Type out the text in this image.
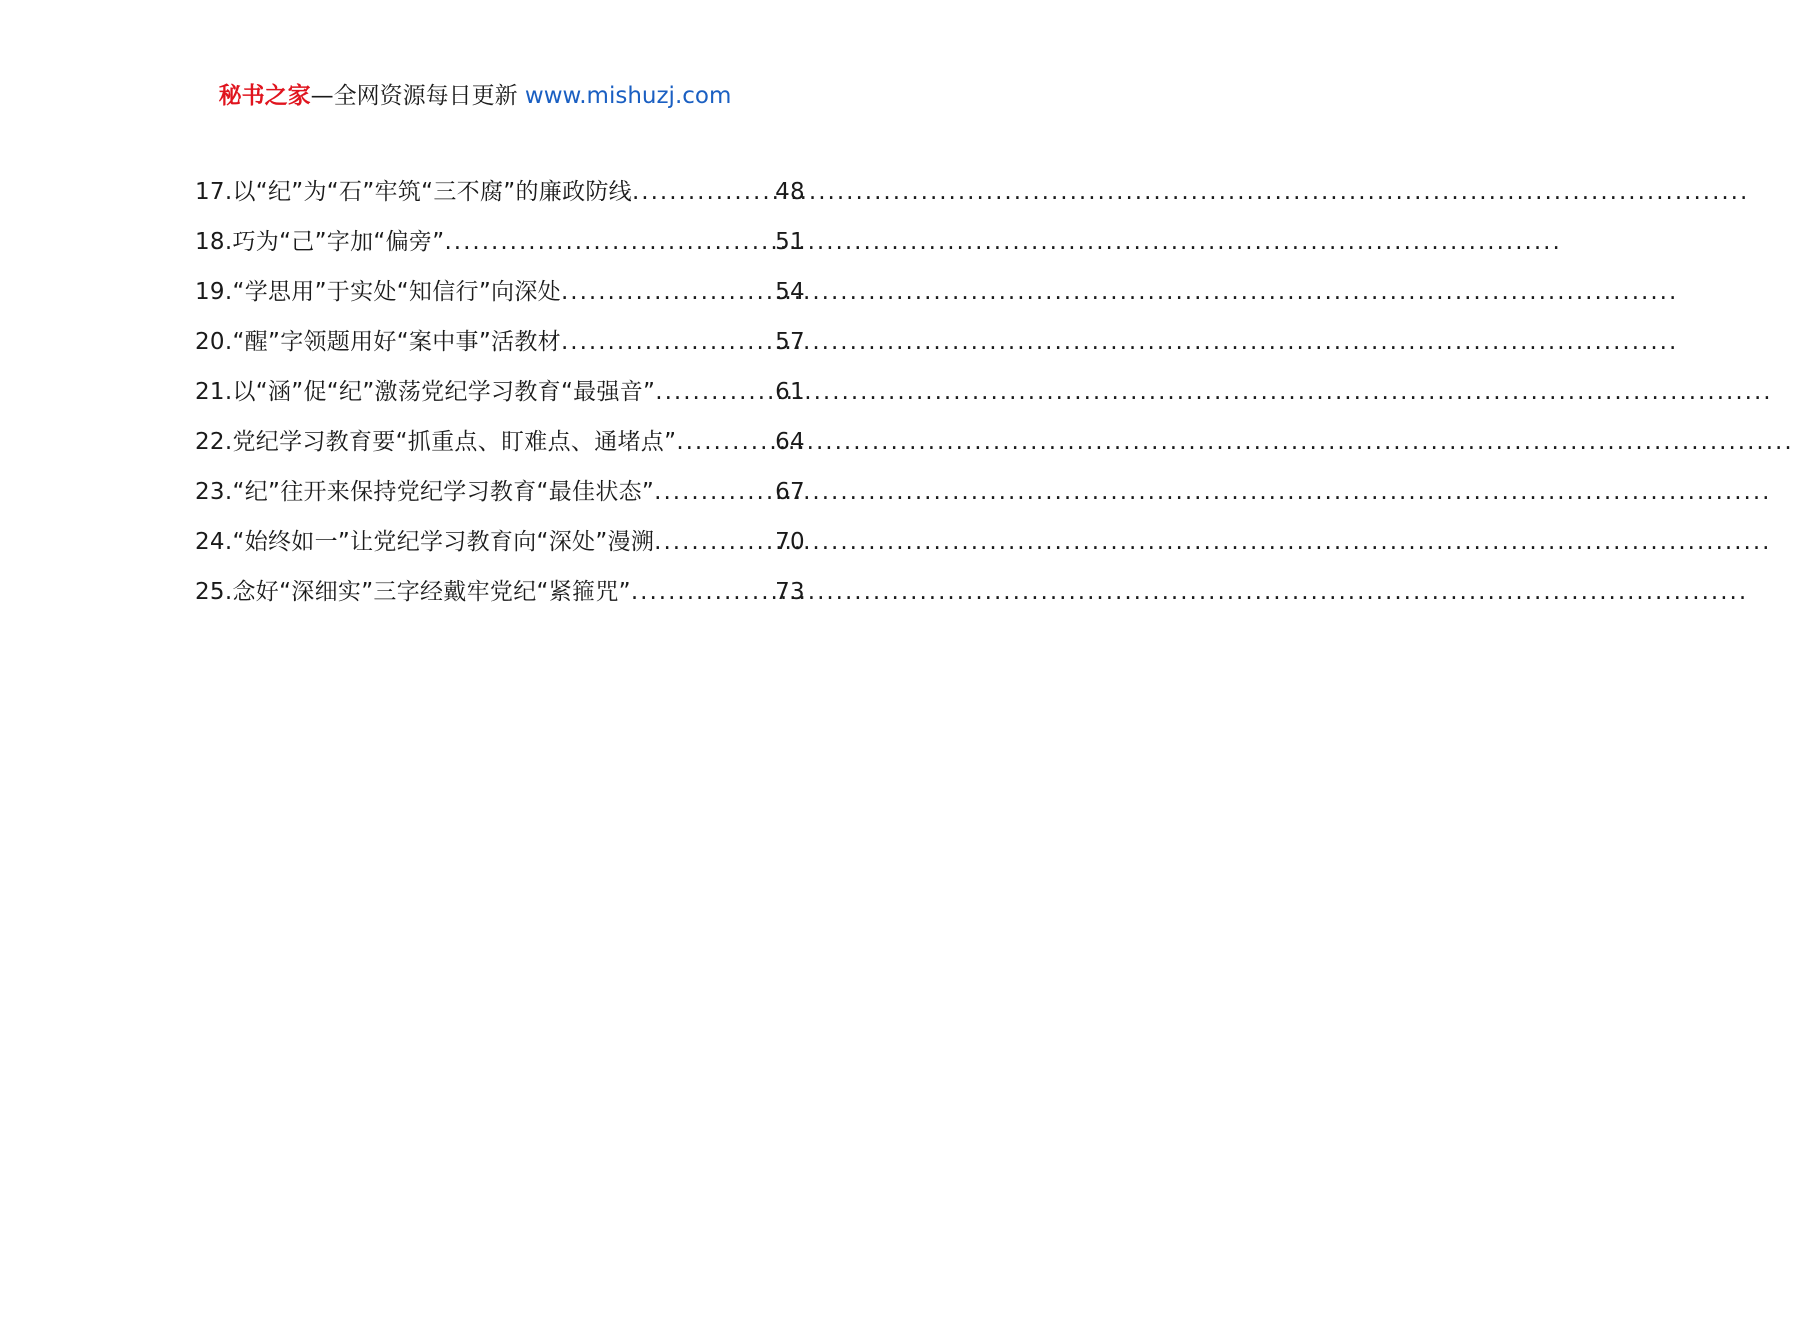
秘书之家—全网资源每日更新 www.mishuzj.com
17.以“纪”为“石”牢筑“三不腐”的廉政防线 .....	48
18.巧为“己”字加“偏旁” .....	51
19.“学思用”于实处“知信行”向深处 .....	54
20.“醒”字领题用好“案中事”活教材 .....	57
21.以“涵”促“纪”激荡党纪学习教育“最强音” .....	61
22.党纪学习教育要“抓重点、盯难点、通堵点” .....	64
23.“纪”往开来保持党纪学习教育“最佳状态” .....	67
24.“始终如一”让党纪学习教育向“深处”漫溯 .....	70
25.念好“深细实”三字经戴牢党纪“紧箍咒” .....	73
